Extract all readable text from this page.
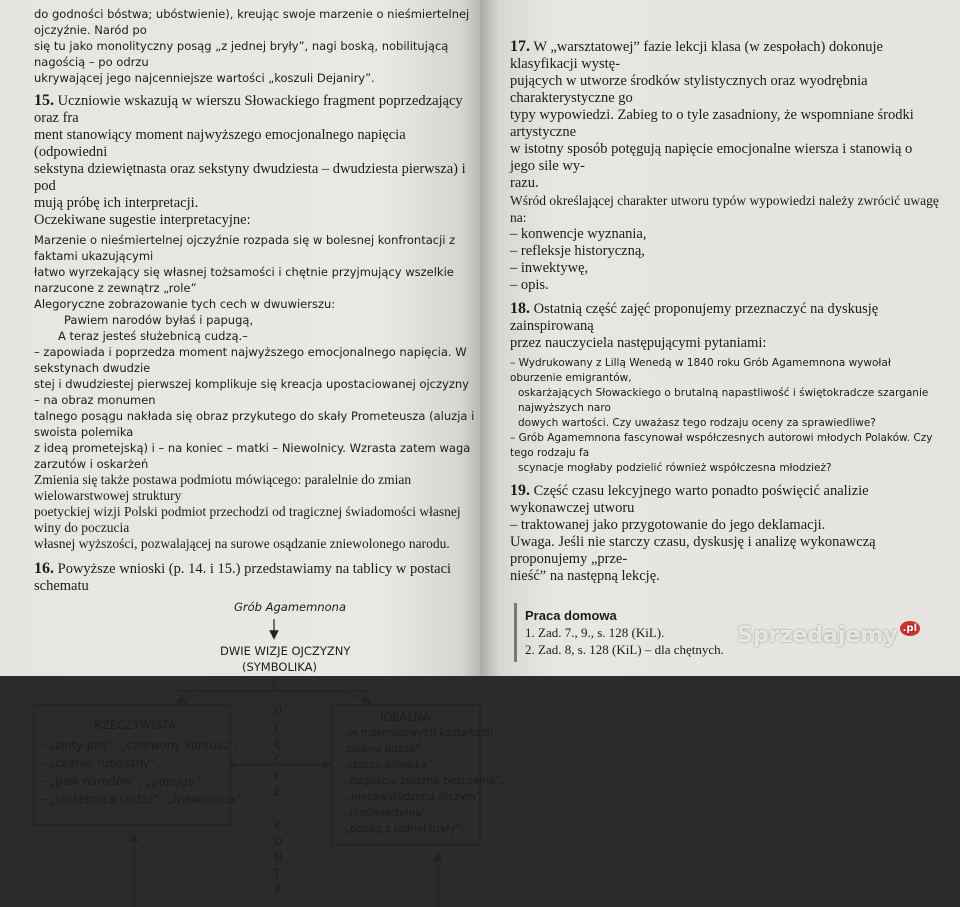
do godności bóstwa; ubóstwienie), kreując swoje marzenie o nieśmiertelnej ojczyźnie. Naród po

się tu jako monolityczny posąg „z jednej bryły”, nagi boską, nobilitującą nagością – po odrzu

ukrywającej jego najcenniejsze wartości „koszuli Dejaniry”.

15. Uczniowie wskazują w wierszu Słowackiego fragment poprzedzający oraz fra

ment stanowiący moment najwyższego emocjonalnego napięcia (odpowiedni

sekstyna dziewiętnasta oraz sekstyny dwudziesta – dwudziesta pierwsza) i pod

mują próbę ich interpretacji.

Oczekiwane sugestie interpretacyjne:

Marzenie o nieśmiertelnej ojczyźnie rozpada się w bolesnej konfrontacji z faktami ukazującymi

łatwo wyrzekający się własnej tożsamości i chętnie przyjmujący wszelkie narzucone z zewnątrz „role”

Alegoryczne zobrazowanie tych cech w dwuwierszu:

Pawiem narodów byłaś i papugą,

A teraz jesteś służebnicą cudzą.–

– zapowiada i poprzedza moment najwyższego emocjonalnego napięcia. W sekstynach dwudzie

stej i dwudziestej pierwszej komplikuje się kreacja upostaciowanej ojczyzny – na obraz monumen

talnego posągu nakłada się obraz przykutego do skały Prometeusza (aluzja i swoista polemika

z ideą prometejską) i – na koniec – matki – Niewolnicy. Wzrasta zatem waga zarzutów i oskarżeń

Zmienia się także postawa podmiotu mówiącego: paralelnie do zmian wielowarstwowej struktury

poetyckiej wizji Polski podmiot przechodzi od tragicznej świadomości własnej winy do poczucia

własnej wyższości, pozwalającej na surowe osądzanie zniewolonego narodu.

16. Powyższe wnioski (p. 14. i 15.) przedstawiamy na tablicy w postaci schematu

Grób Agamemnona
DWIE WIZJE OJCZYZNY
(SYMBOLIKA)
RZECZYWISTA:
– „złoty pas”, „czerwony kontusz”,
– „czerep rubaszny”,
– „paw narodów”, „papuga”,
– „służebnica cudza”, „Niewolnica”
IDEALNA:
– „w marmurowych kształtach
piękna dusza”
– „dusza anielska”
– „nagością żelazną bezczelna”,
„niezawstydzona niczym”
– „nieśmiertelna”
– „posąg z jednej bryły”
U
J
Ę
C
I
E
K
O
N
T
R

17. W „warsztatowej” fazie lekcji klasa (w zespołach) dokonuje klasyfikacji wystę-

pujących w utworze środków stylistycznych oraz wyodrębnia charakterystyczne go

typy wypowiedzi. Zabieg to o tyle zasadniony, że wspomniane środki artystyczne

w istotny sposób potęgują napięcie emocjonalne wiersza i stanowią o jego sile wy-

razu.

Wśród określającej charakter utworu typów wypowiedzi należy zwrócić uwagę na:

– konwencje wyznania,

– refleksje historyczną,

– inwektywę,

– opis.

18. Ostatnią część zajęć proponujemy przeznaczyć na dyskusję zainspirowaną

przez nauczyciela następującymi pytaniami:

– Wydrukowany z Lillą Wenedą w 1840 roku Grób Agamemnona wywołał oburzenie emigrantów,

oskarżających Słowackiego o brutalną napastliwość i świętokradcze szarganie najwyższych naro

dowych wartości. Czy uważasz tego rodzaju oceny za sprawiedliwe?

– Grób Agamemnona fascynował współczesnych autorowi młodych Polaków. Czy tego rodzaju fa

scynacje mogłaby podzielić również współczesna młodzież?

19. Część czasu lekcyjnego warto ponadto poświęcić analizie wykonawczej utworu

– traktowanej jako przygotowanie do jego deklamacji.

Uwaga. Jeśli nie starczy czasu, dyskusję i analizę wykonawczą proponujemy „prze-

nieść” na następną lekcję.

Praca domowa

1. Zad. 7., 9., s. 128 (KiL).

2. Zad. 8, s. 128 (KiL) – dla chętnych.

Sprzedajemy $^{.pl}$
